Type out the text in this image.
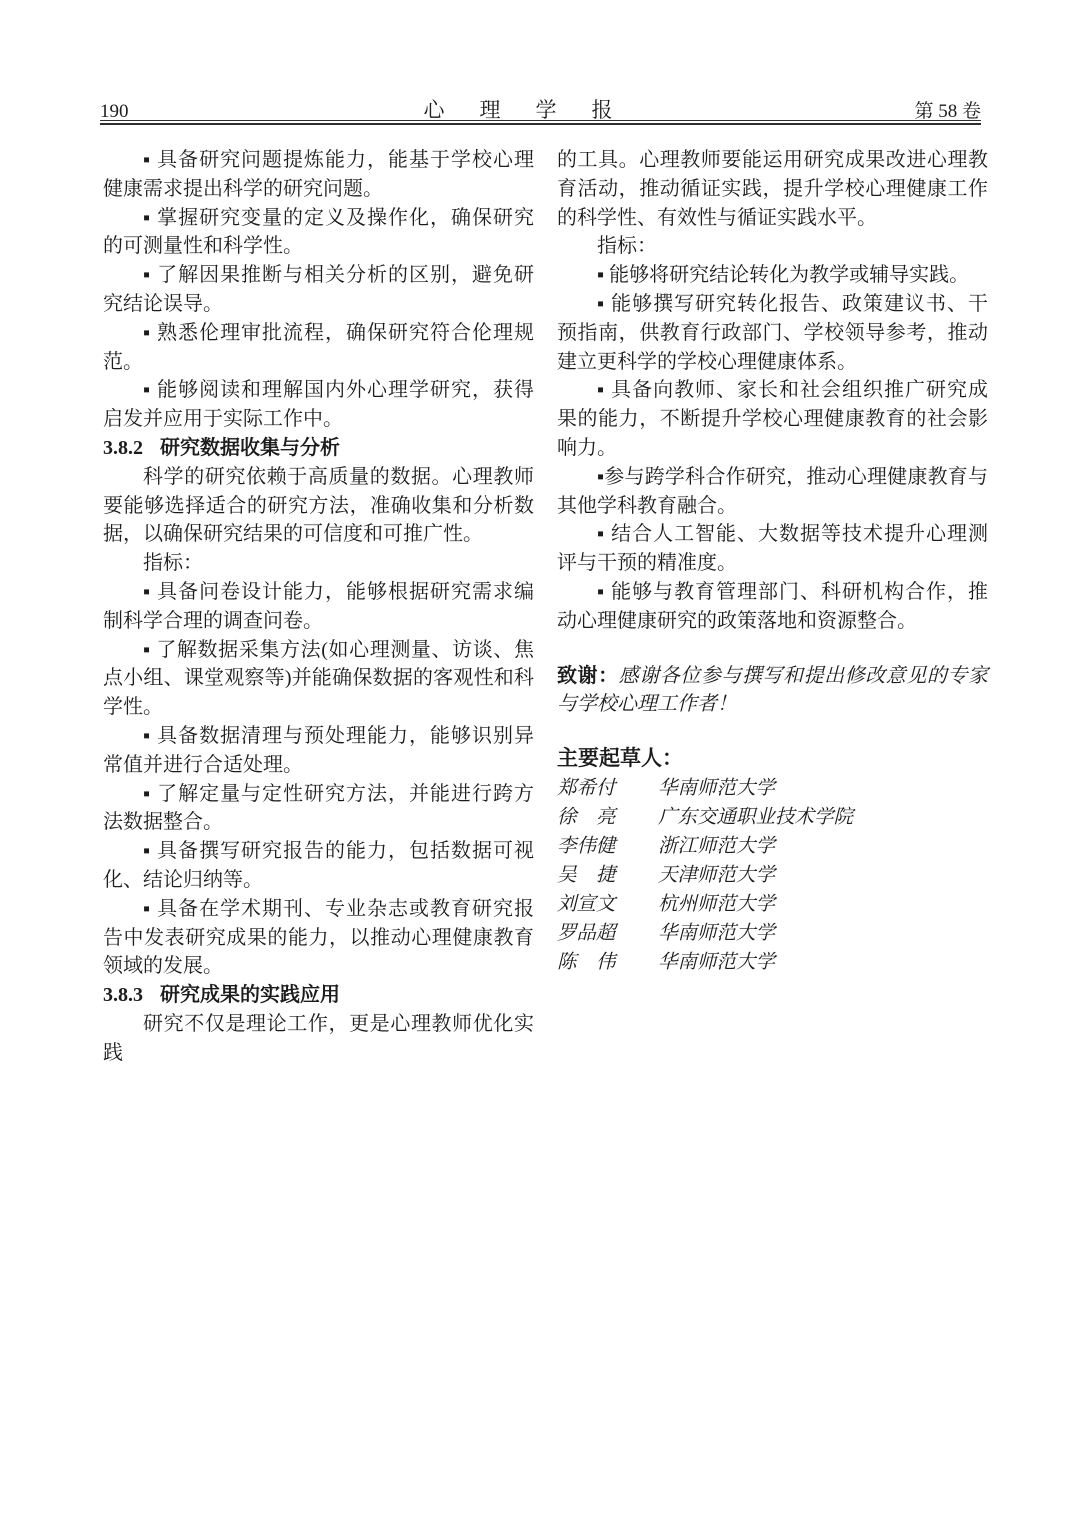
190	心　理　学　报	第 58 卷

▪ 具备研究问题提炼能力，能基于学校心理健康需求提出科学的研究问题。

▪ 掌握研究变量的定义及操作化，确保研究的可测量性和科学性。

▪ 了解因果推断与相关分析的区别，避免研究结论误导。

▪ 熟悉伦理审批流程，确保研究符合伦理规范。

▪ 能够阅读和理解国内外心理学研究，获得启发并应用于实际工作中。

3.8.2 研究数据收集与分析

科学的研究依赖于高质量的数据。心理教师要能够选择适合的研究方法，准确收集和分析数据，以确保研究结果的可信度和可推广性。

指标：

▪ 具备问卷设计能力，能够根据研究需求编制科学合理的调查问卷。

▪ 了解数据采集方法(如心理测量、访谈、焦点小组、课堂观察等)并能确保数据的客观性和科学性。

▪ 具备数据清理与预处理能力，能够识别异常值并进行合适处理。

▪ 了解定量与定性研究方法，并能进行跨方法数据整合。

▪ 具备撰写研究报告的能力，包括数据可视化、结论归纳等。

▪ 具备在学术期刊、专业杂志或教育研究报告中发表研究成果的能力，以推动心理健康教育领域的发展。

3.8.3 研究成果的实践应用

研究不仅是理论工作，更是心理教师优化实践

的工具。心理教师要能运用研究成果改进心理教育活动，推动循证实践，提升学校心理健康工作的科学性、有效性与循证实践水平。

指标：

▪ 能够将研究结论转化为教学或辅导实践。

▪ 能够撰写研究转化报告、政策建议书、干预指南，供教育行政部门、学校领导参考，推动建立更科学的学校心理健康体系。

▪ 具备向教师、家长和社会组织推广研究成果的能力，不断提升学校心理健康教育的社会影响力。

▪参与跨学科合作研究，推动心理健康教育与其他学科教育融合。

▪ 结合人工智能、大数据等技术提升心理测评与干预的精准度。

▪ 能够与教育管理部门、科研机构合作，推动心理健康研究的政策落地和资源整合。

致谢：感谢各位参与撰写和提出修改意见的专家与学校心理工作者！

主要起草人：

郑希付	华南师范大学
徐　亮	广东交通职业技术学院
李伟健	浙江师范大学
吴　捷	天津师范大学
刘宣文	杭州师范大学
罗品超	华南师范大学
陈　伟	华南师范大学
